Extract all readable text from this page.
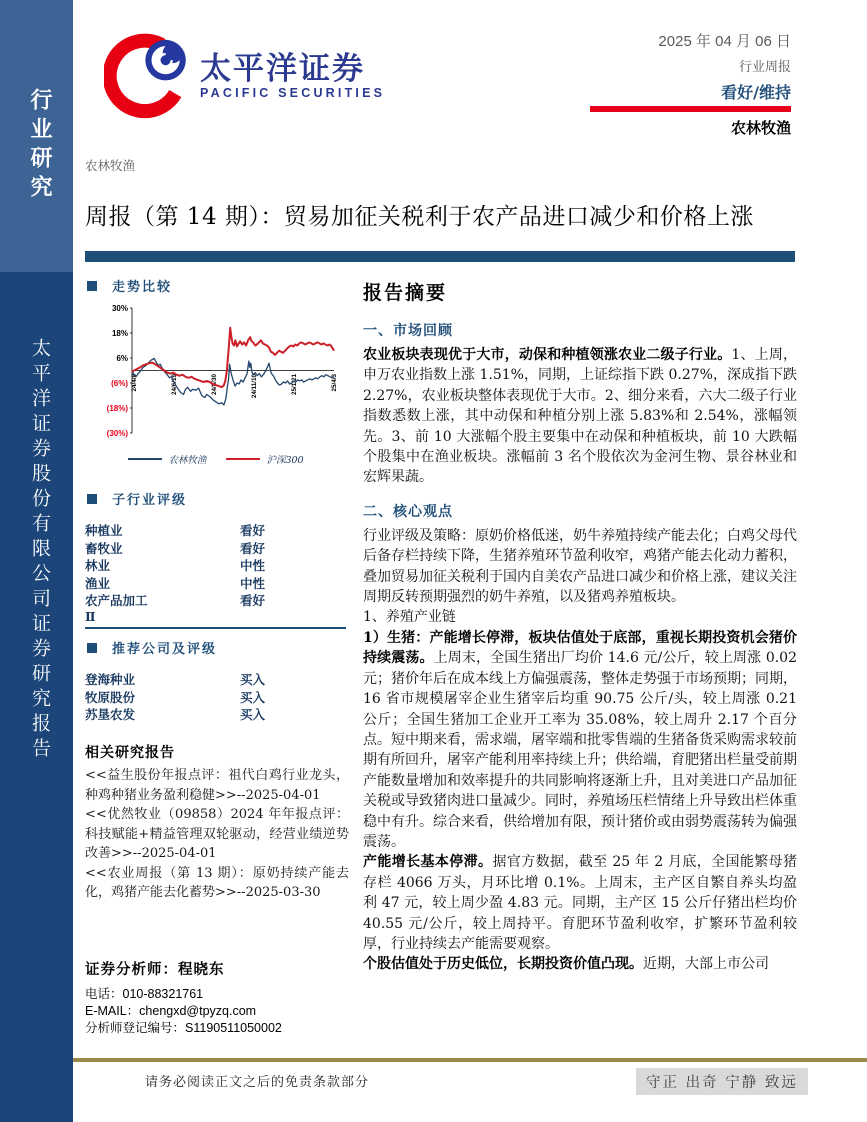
行业研究
太平洋证券股份有限公司证券研究报告
太平洋证券
PACIFIC SECURITIES
2025 年 04 月 06 日
行业周报
看好/维持
农林牧渔
农林牧渔
周报（第 14 期）：贸易加征关税利于农产品进口减少和价格上涨
走势比较
30%
18%
6%
(6%)
(18%)
(30%)
24/4/8	24/6/19	24/8/30	24/11/10	25/1/21	25/4/3
农林牧渔	沪深300
子行业评级
种植业	看好
畜牧业	看好
林业	中性
渔业	中性
农产品加工	看好
Ⅱ
推荐公司及评级
登海种业	买入
牧原股份	买入
苏垦农发	买入
相关研究报告

<<益生股份年报点评：祖代白鸡行业龙头，种鸡种猪业务盈利稳健>>--2025-04-01

<<优然牧业（09858）2024 年年报点评：科技赋能+精益管理双轮驱动，经营业绩逆势改善>>--2025-04-01

<<农业周报（第 13 期）：原奶持续产能去化，鸡猪产能去化蓄势>>--2025-03-30

证券分析师：程晓东
电话：010-88321761
E-MAIL：chengxd@tpyzq.com
分析师登记编号：S1190511050002
报告摘要
一、市场回顾

农业板块表现优于大市，动保和种植领涨农业二级子行业。1、上周，申万农业指数上涨 1.51%，同期，上证综指下跌 0.27%，深成指下跌 2.27%，农业板块整体表现优于大市。2、细分来看，六大二级子行业指数悉数上涨，其中动保和种植分别上涨 5.83%和 2.54%，涨幅领先。3、前 10 大涨幅个股主要集中在动保和种植板块，前 10 大跌幅个股集中在渔业板块。涨幅前 3 名个股依次为金河生物、景谷林业和宏辉果蔬。

二、核心观点

行业评级及策略：原奶价格低迷，奶牛养殖持续产能去化；白鸡父母代后备存栏持续下降，生猪养殖环节盈利收窄，鸡猪产能去化动力蓄积，叠加贸易加征关税利于国内自美农产品进口减少和价格上涨，建议关注周期反转预期强烈的奶牛养殖，以及猪鸡养殖板块。

1、养殖产业链

1）生猪：产能增长停滞，板块估值处于底部，重视长期投资机会猪价持续震荡。上周末，全国生猪出厂均价 14.6 元/公斤，较上周涨 0.02 元；猪价年后在成本线上方偏强震荡，整体走势强于市场预期；同期，16 省市规模屠宰企业生猪宰后均重 90.75 公斤/头，较上周涨 0.21 公斤；全国生猪加工企业开工率为 35.08%，较上周升 2.17 个百分点。短中期来看，需求端，屠宰端和批零售端的生猪备货采购需求较前期有所回升，屠宰产能利用率持续上升；供给端，育肥猪出栏量受前期产能数量增加和效率提升的共同影响将逐渐上升，且对美进口产品加征关税或导致猪肉进口量减少。同时，养殖场压栏情绪上升导致出栏体重稳中有升。综合来看，供给增加有限，预计猪价或由弱势震荡转为偏强震荡。

产能增长基本停滞。据官方数据，截至 25 年 2 月底，全国能繁母猪存栏 4066 万头，月环比增 0.1%。上周末，主产区自繁自养头均盈利 47 元，较上周少盈 4.83 元。同期，主产区 15 公斤仔猪出栏均价 40.55 元/公斤，较上周持平。育肥环节盈利收窄，扩繁环节盈利较厚，行业持续去产能需要观察。

个股估值处于历史低位，长期投资价值凸现。近期，大部上市公司

请务必阅读正文之后的免责条款部分	守正 出奇 宁静 致远
